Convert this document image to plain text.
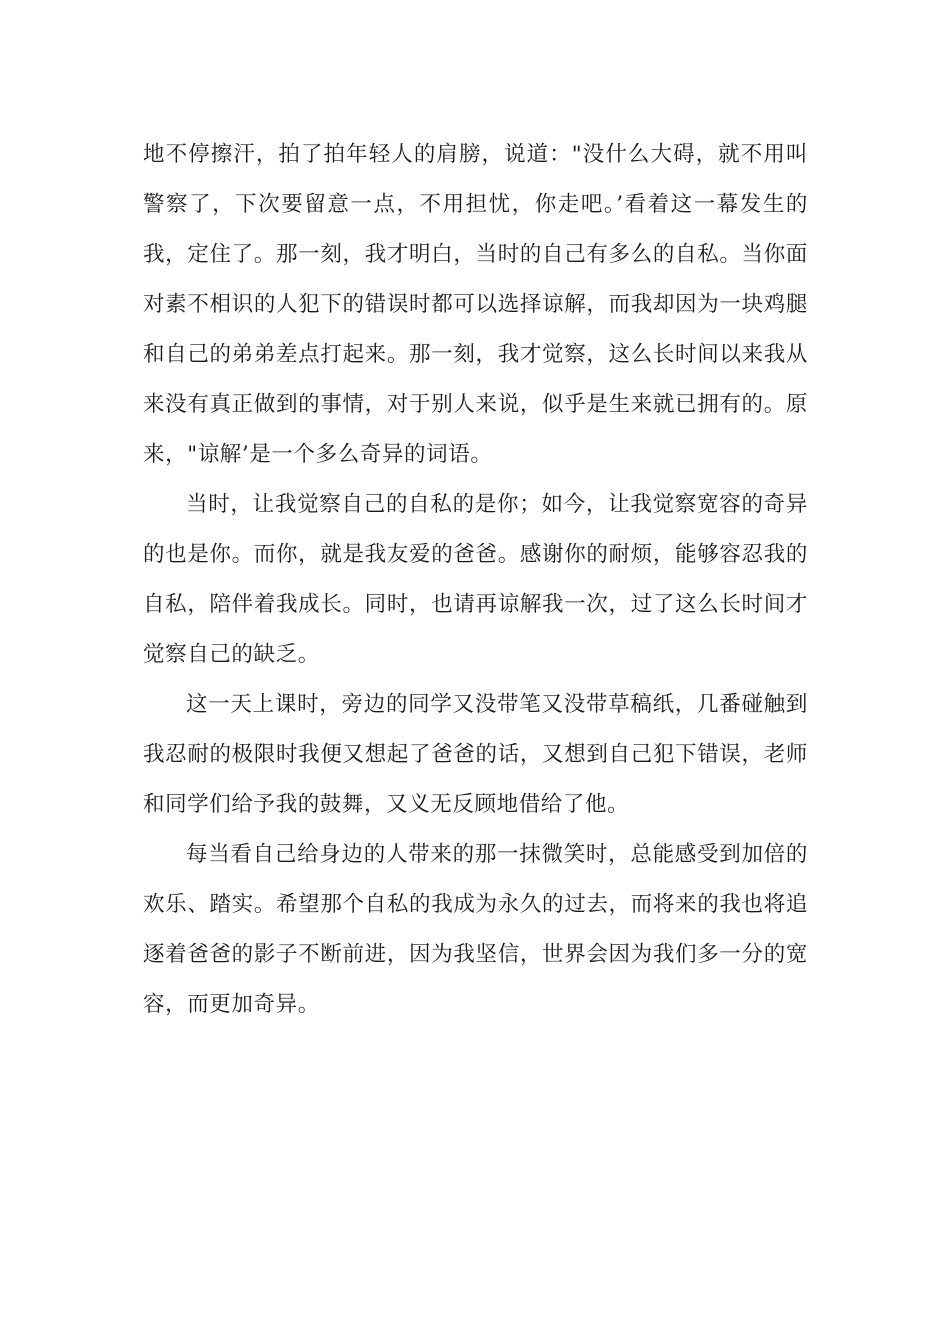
地不停擦汗，拍了拍年轻人的肩膀，说道："没什么大碍，就不用叫警察了，下次要留意一点，不用担忧，你走吧。’看着这一幕发生的我，定住了。那一刻，我才明白，当时的自己有多么的自私。当你面对素不相识的人犯下的错误时都可以选择谅解，而我却因为一块鸡腿和自己的弟弟差点打起来。那一刻，我才觉察，这么长时间以来我从来没有真正做到的事情，对于别人来说，似乎是生来就已拥有的。原来，"谅解’是一个多么奇异的词语。

当时，让我觉察自己的自私的是你；如今，让我觉察宽容的奇异的也是你。而你，就是我友爱的爸爸。感谢你的耐烦，能够容忍我的自私，陪伴着我成长。同时，也请再谅解我一次，过了这么长时间才觉察自己的缺乏。

这一天上课时，旁边的同学又没带笔又没带草稿纸，几番碰触到我忍耐的极限时我便又想起了爸爸的话，又想到自己犯下错误，老师和同学们给予我的鼓舞，又义无反顾地借给了他。

每当看自己给身边的人带来的那一抹微笑时，总能感受到加倍的欢乐、踏实。希望那个自私的我成为永久的过去，而将来的我也将追逐着爸爸的影子不断前进，因为我坚信，世界会因为我们多一分的宽容，而更加奇异。
